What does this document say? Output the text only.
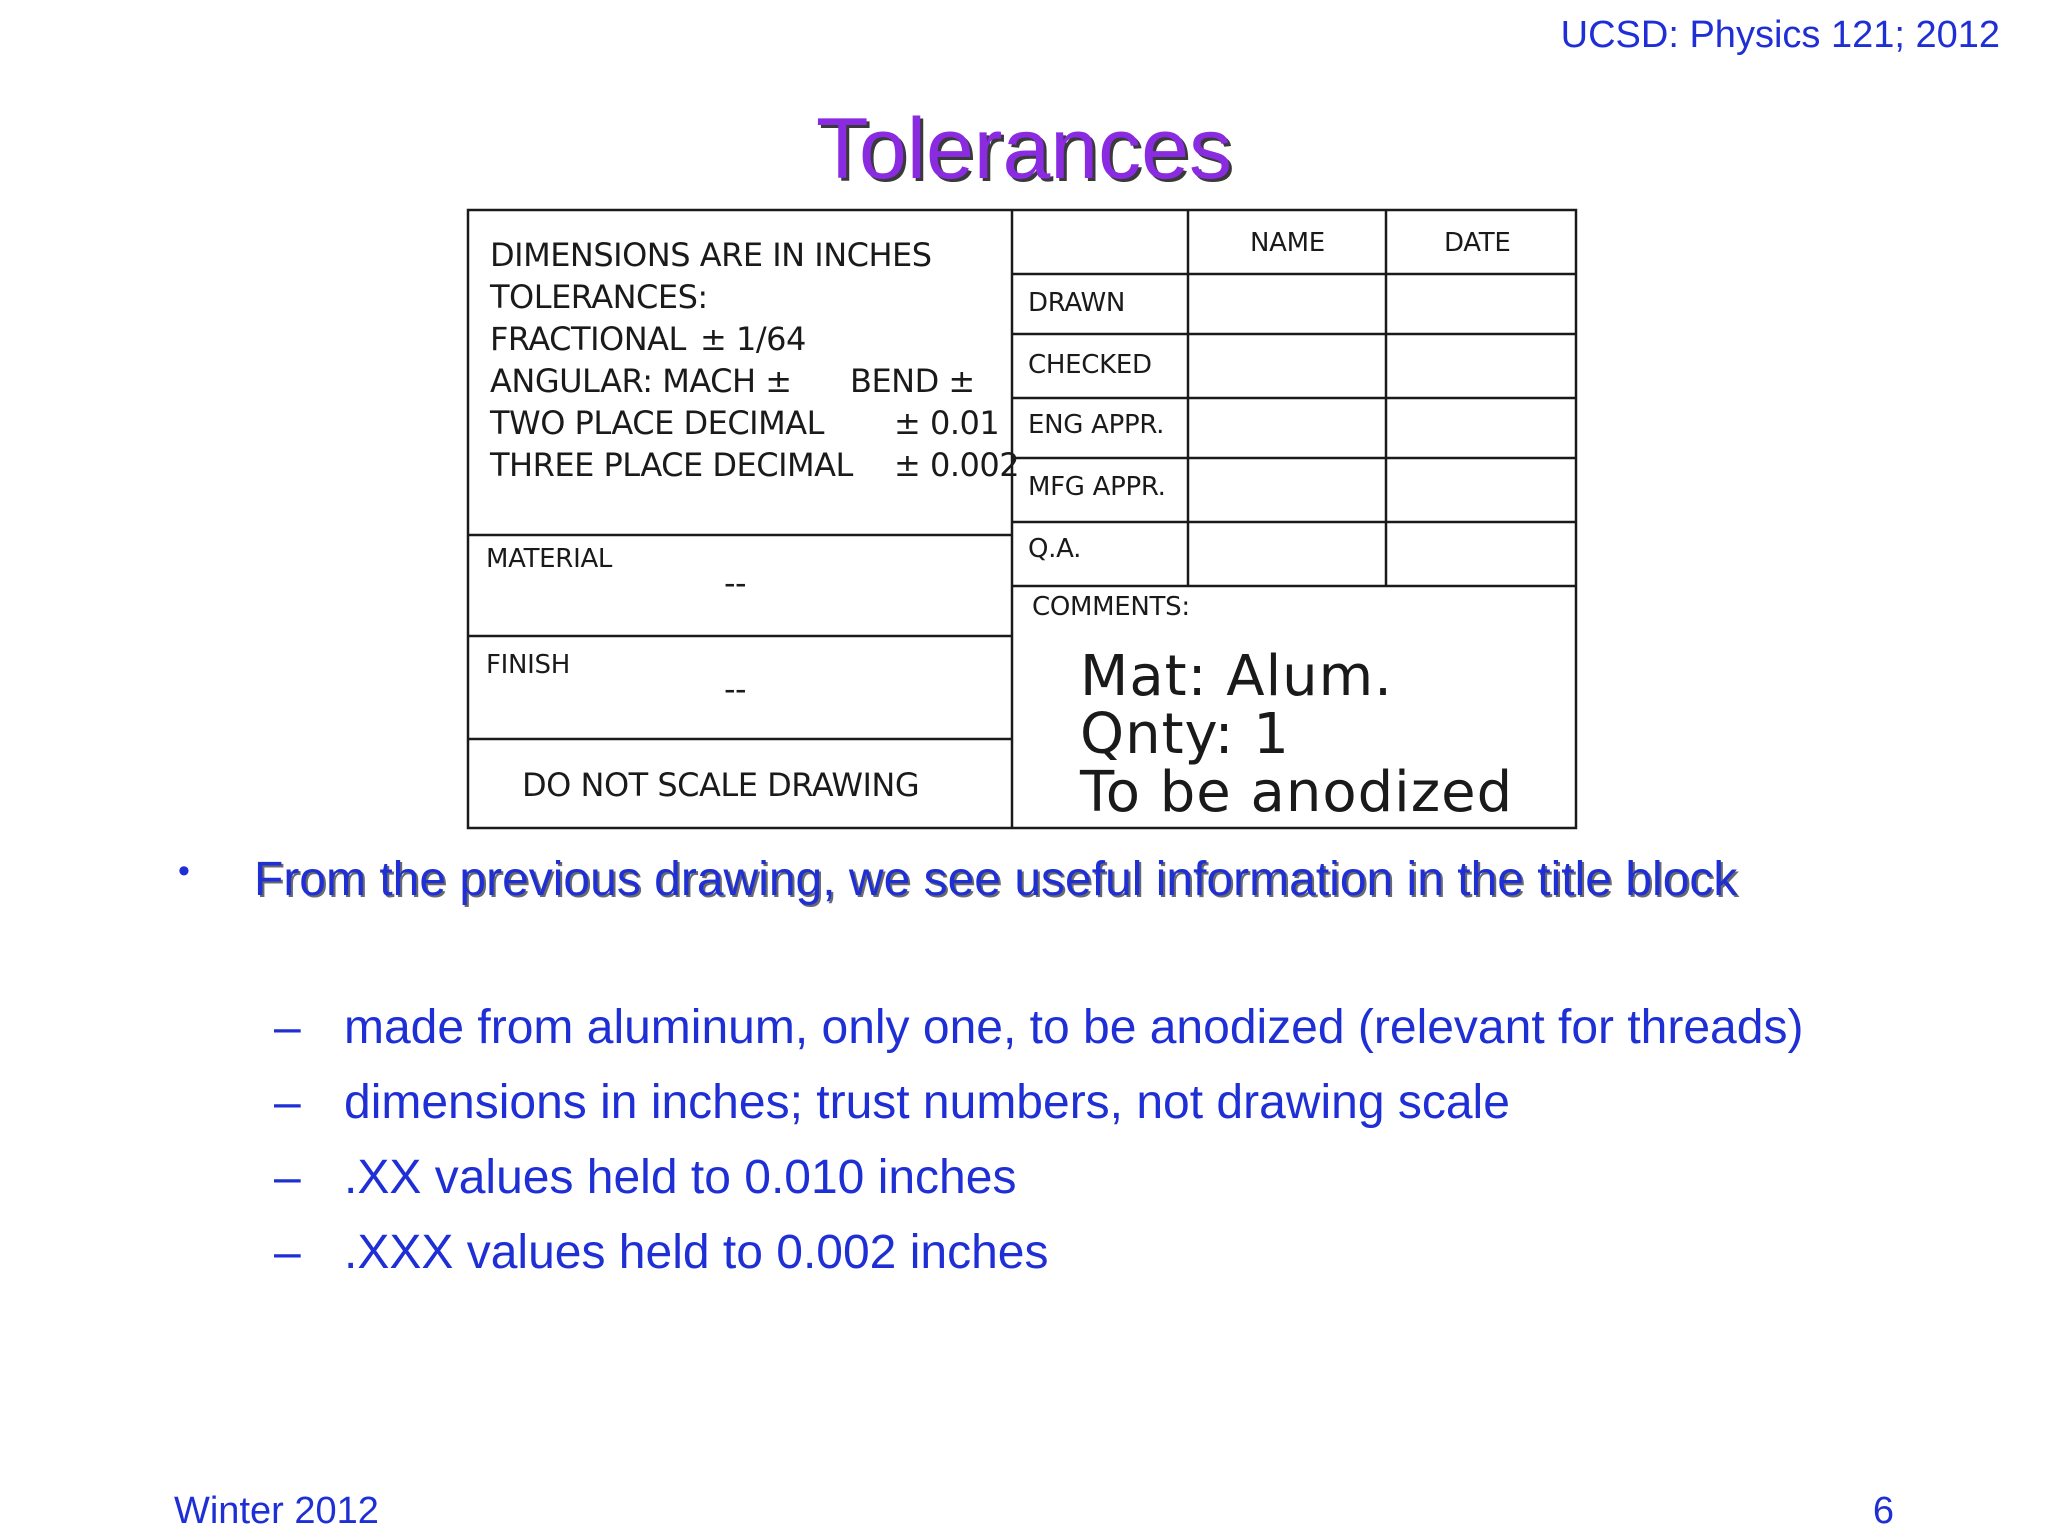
UCSD: Physics 121; 2012
Tolerances
DIMENSIONS ARE IN INCHES
TOLERANCES:
FRACTIONAL ± 1/64
ANGULAR: MACH ± BEND ±
TWO PLACE DECIMAL ± 0.01
THREE PLACE DECIMAL ± 0.002
MATERIAL
--
FINISH
--
DO NOT SCALE DRAWING
NAME	DATE
DRAWN
CHECKED
ENG APPR.
MFG APPR.
Q.A.
COMMENTS:
Mat: Alum.
Qnty: 1
To be anodized
• From the previous drawing, we see useful information in the title block
– made from aluminum, only one, to be anodized (relevant for threads)
– dimensions in inches; trust numbers, not drawing scale
– .XX values held to 0.010 inches
– .XXX values held to 0.002 inches
Winter 2012	6
